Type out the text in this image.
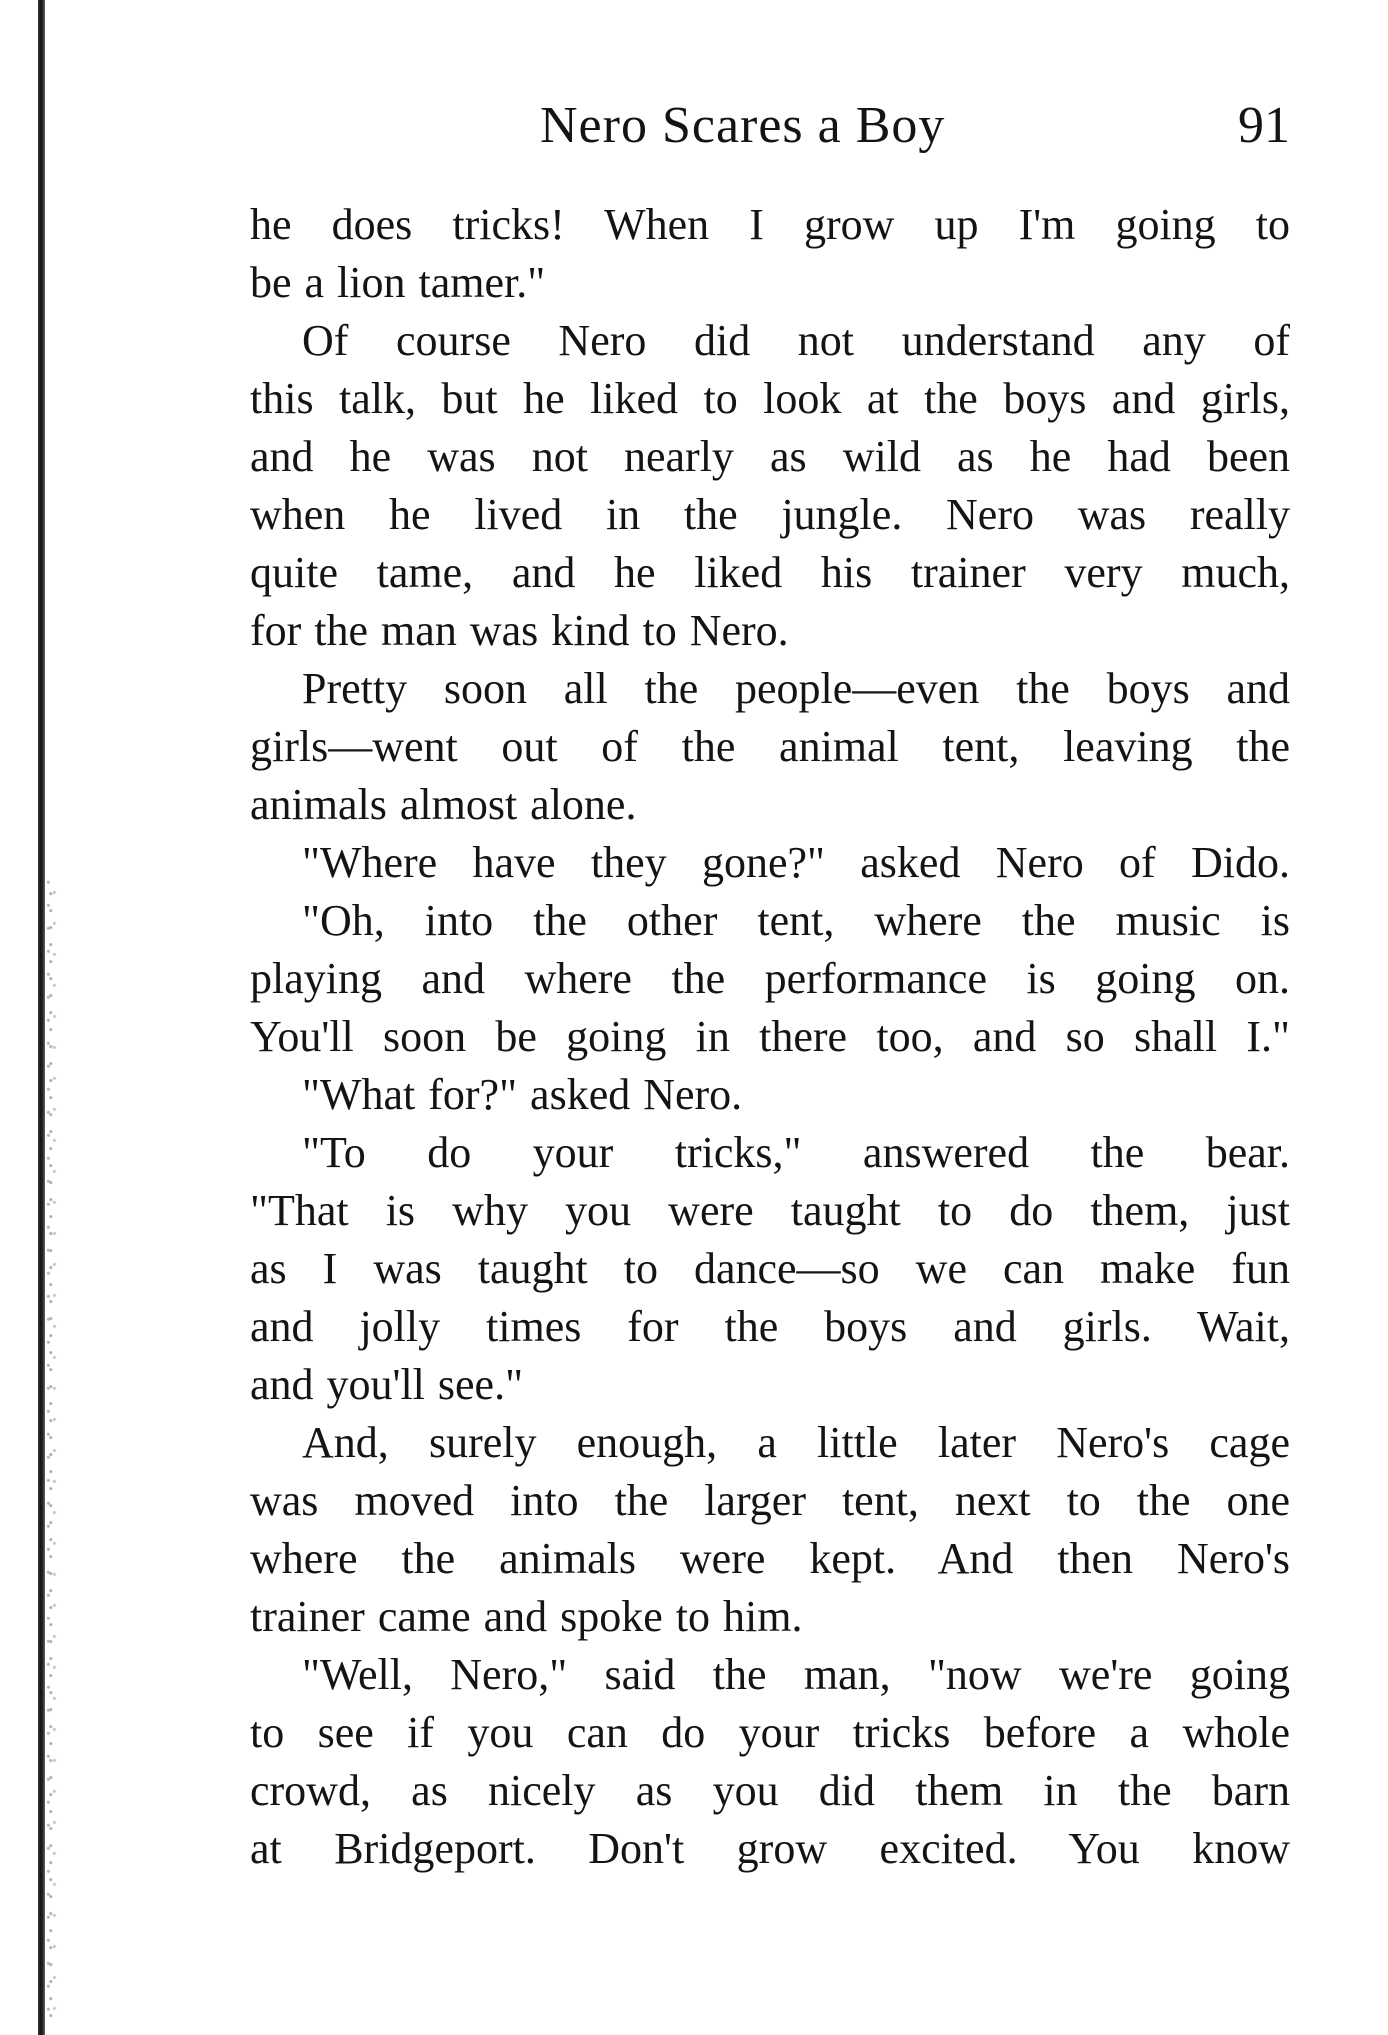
Nero Scares a Boy	91
he does tricks! When I grow up I'm going to
be a lion tamer."
Of course Nero did not understand any of
this talk, but he liked to look at the boys and girls,
and he was not nearly as wild as he had been
when he lived in the jungle. Nero was really
quite tame, and he liked his trainer very much,
for the man was kind to Nero.
Pretty soon all the people—even the boys and
girls—went out of the animal tent, leaving the
animals almost alone.
"Where have they gone?" asked Nero of Dido.
"Oh, into the other tent, where the music is
playing and where the performance is going on.
You'll soon be going in there too, and so shall I."
"What for?" asked Nero.
"To do your tricks," answered the bear.
"That is why you were taught to do them, just
as I was taught to dance—so we can make fun
and jolly times for the boys and girls. Wait,
and you'll see."
And, surely enough, a little later Nero's cage
was moved into the larger tent, next to the one
where the animals were kept. And then Nero's
trainer came and spoke to him.
"Well, Nero," said the man, "now we're going
to see if you can do your tricks before a whole
crowd, as nicely as you did them in the barn
at Bridgeport. Don't grow excited. You know
